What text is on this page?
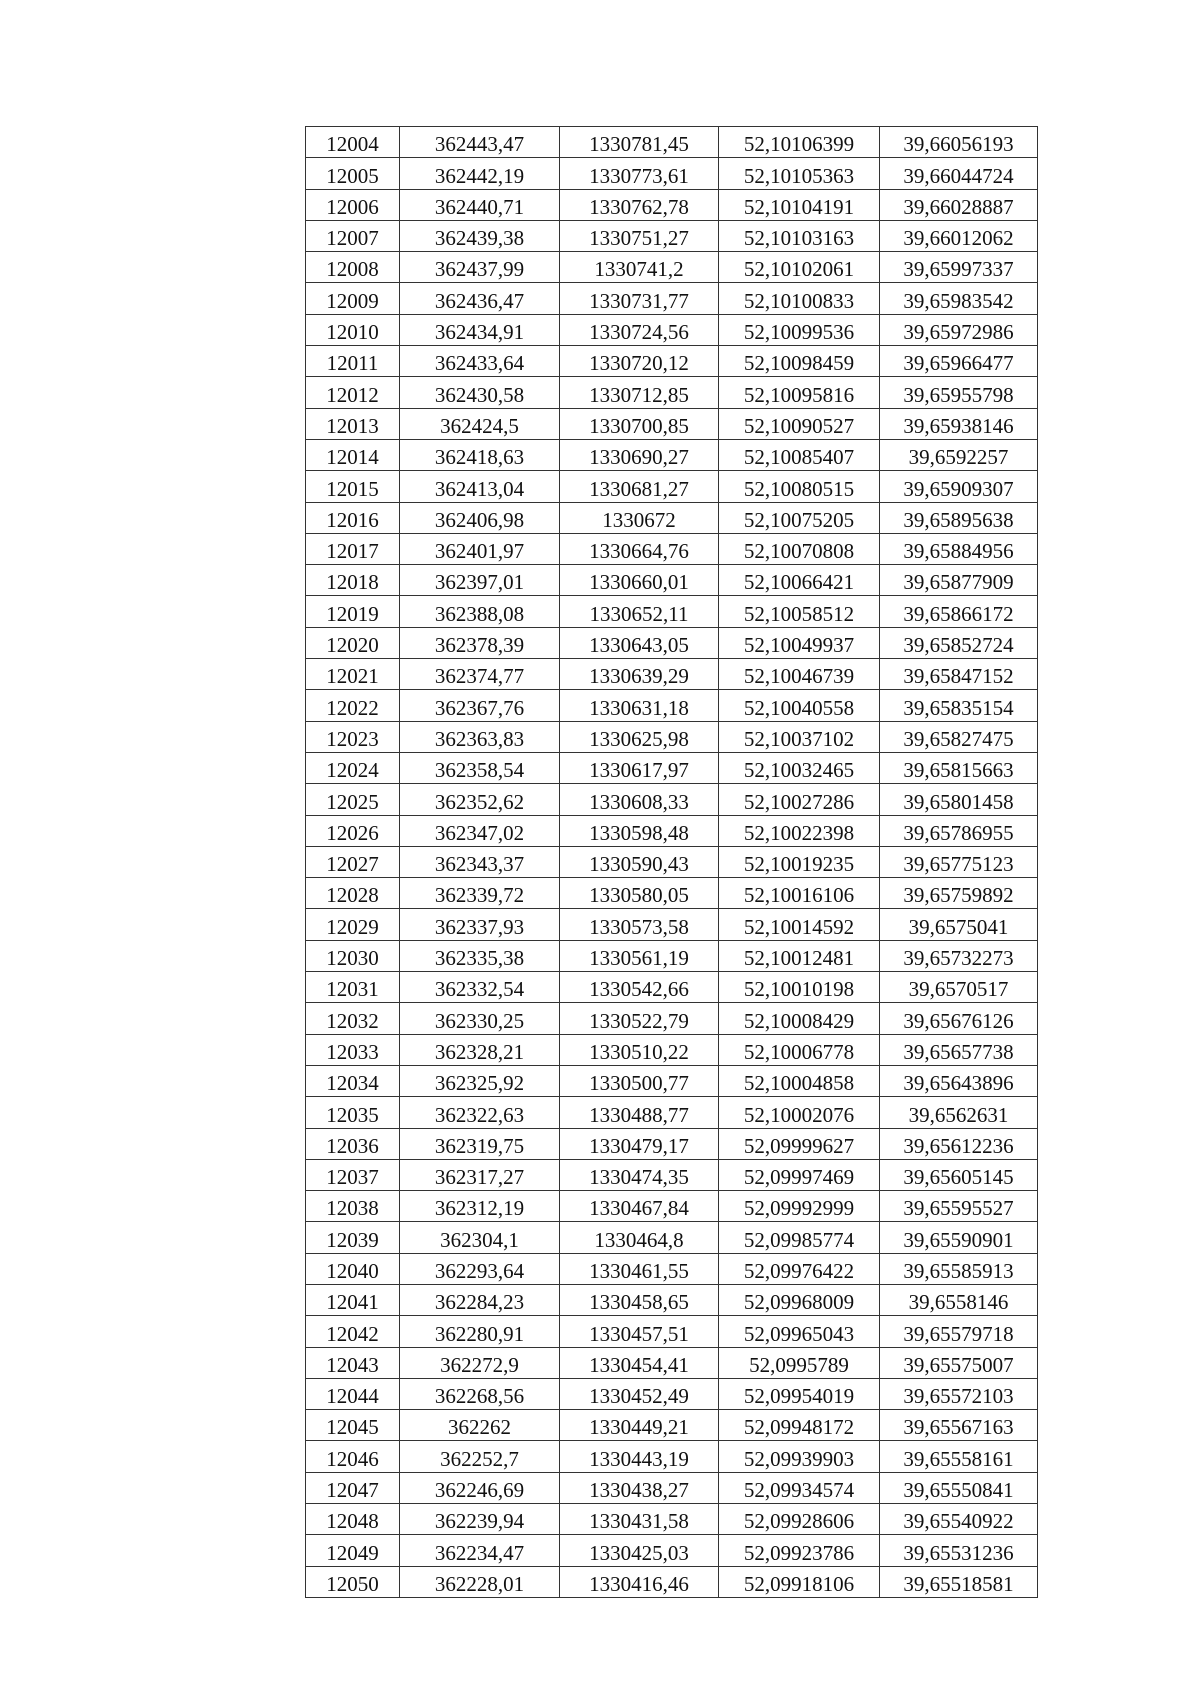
12004	362443,47	1330781,45	52,10106399	39,66056193
12005	362442,19	1330773,61	52,10105363	39,66044724
12006	362440,71	1330762,78	52,10104191	39,66028887
12007	362439,38	1330751,27	52,10103163	39,66012062
12008	362437,99	1330741,2	52,10102061	39,65997337
12009	362436,47	1330731,77	52,10100833	39,65983542
12010	362434,91	1330724,56	52,10099536	39,65972986
12011	362433,64	1330720,12	52,10098459	39,65966477
12012	362430,58	1330712,85	52,10095816	39,65955798
12013	362424,5	1330700,85	52,10090527	39,65938146
12014	362418,63	1330690,27	52,10085407	39,6592257
12015	362413,04	1330681,27	52,10080515	39,65909307
12016	362406,98	1330672	52,10075205	39,65895638
12017	362401,97	1330664,76	52,10070808	39,65884956
12018	362397,01	1330660,01	52,10066421	39,65877909
12019	362388,08	1330652,11	52,10058512	39,65866172
12020	362378,39	1330643,05	52,10049937	39,65852724
12021	362374,77	1330639,29	52,10046739	39,65847152
12022	362367,76	1330631,18	52,10040558	39,65835154
12023	362363,83	1330625,98	52,10037102	39,65827475
12024	362358,54	1330617,97	52,10032465	39,65815663
12025	362352,62	1330608,33	52,10027286	39,65801458
12026	362347,02	1330598,48	52,10022398	39,65786955
12027	362343,37	1330590,43	52,10019235	39,65775123
12028	362339,72	1330580,05	52,10016106	39,65759892
12029	362337,93	1330573,58	52,10014592	39,6575041
12030	362335,38	1330561,19	52,10012481	39,65732273
12031	362332,54	1330542,66	52,10010198	39,6570517
12032	362330,25	1330522,79	52,10008429	39,65676126
12033	362328,21	1330510,22	52,10006778	39,65657738
12034	362325,92	1330500,77	52,10004858	39,65643896
12035	362322,63	1330488,77	52,10002076	39,6562631
12036	362319,75	1330479,17	52,09999627	39,65612236
12037	362317,27	1330474,35	52,09997469	39,65605145
12038	362312,19	1330467,84	52,09992999	39,65595527
12039	362304,1	1330464,8	52,09985774	39,65590901
12040	362293,64	1330461,55	52,09976422	39,65585913
12041	362284,23	1330458,65	52,09968009	39,6558146
12042	362280,91	1330457,51	52,09965043	39,65579718
12043	362272,9	1330454,41	52,0995789	39,65575007
12044	362268,56	1330452,49	52,09954019	39,65572103
12045	362262	1330449,21	52,09948172	39,65567163
12046	362252,7	1330443,19	52,09939903	39,65558161
12047	362246,69	1330438,27	52,09934574	39,65550841
12048	362239,94	1330431,58	52,09928606	39,65540922
12049	362234,47	1330425,03	52,09923786	39,65531236
12050	362228,01	1330416,46	52,09918106	39,65518581
